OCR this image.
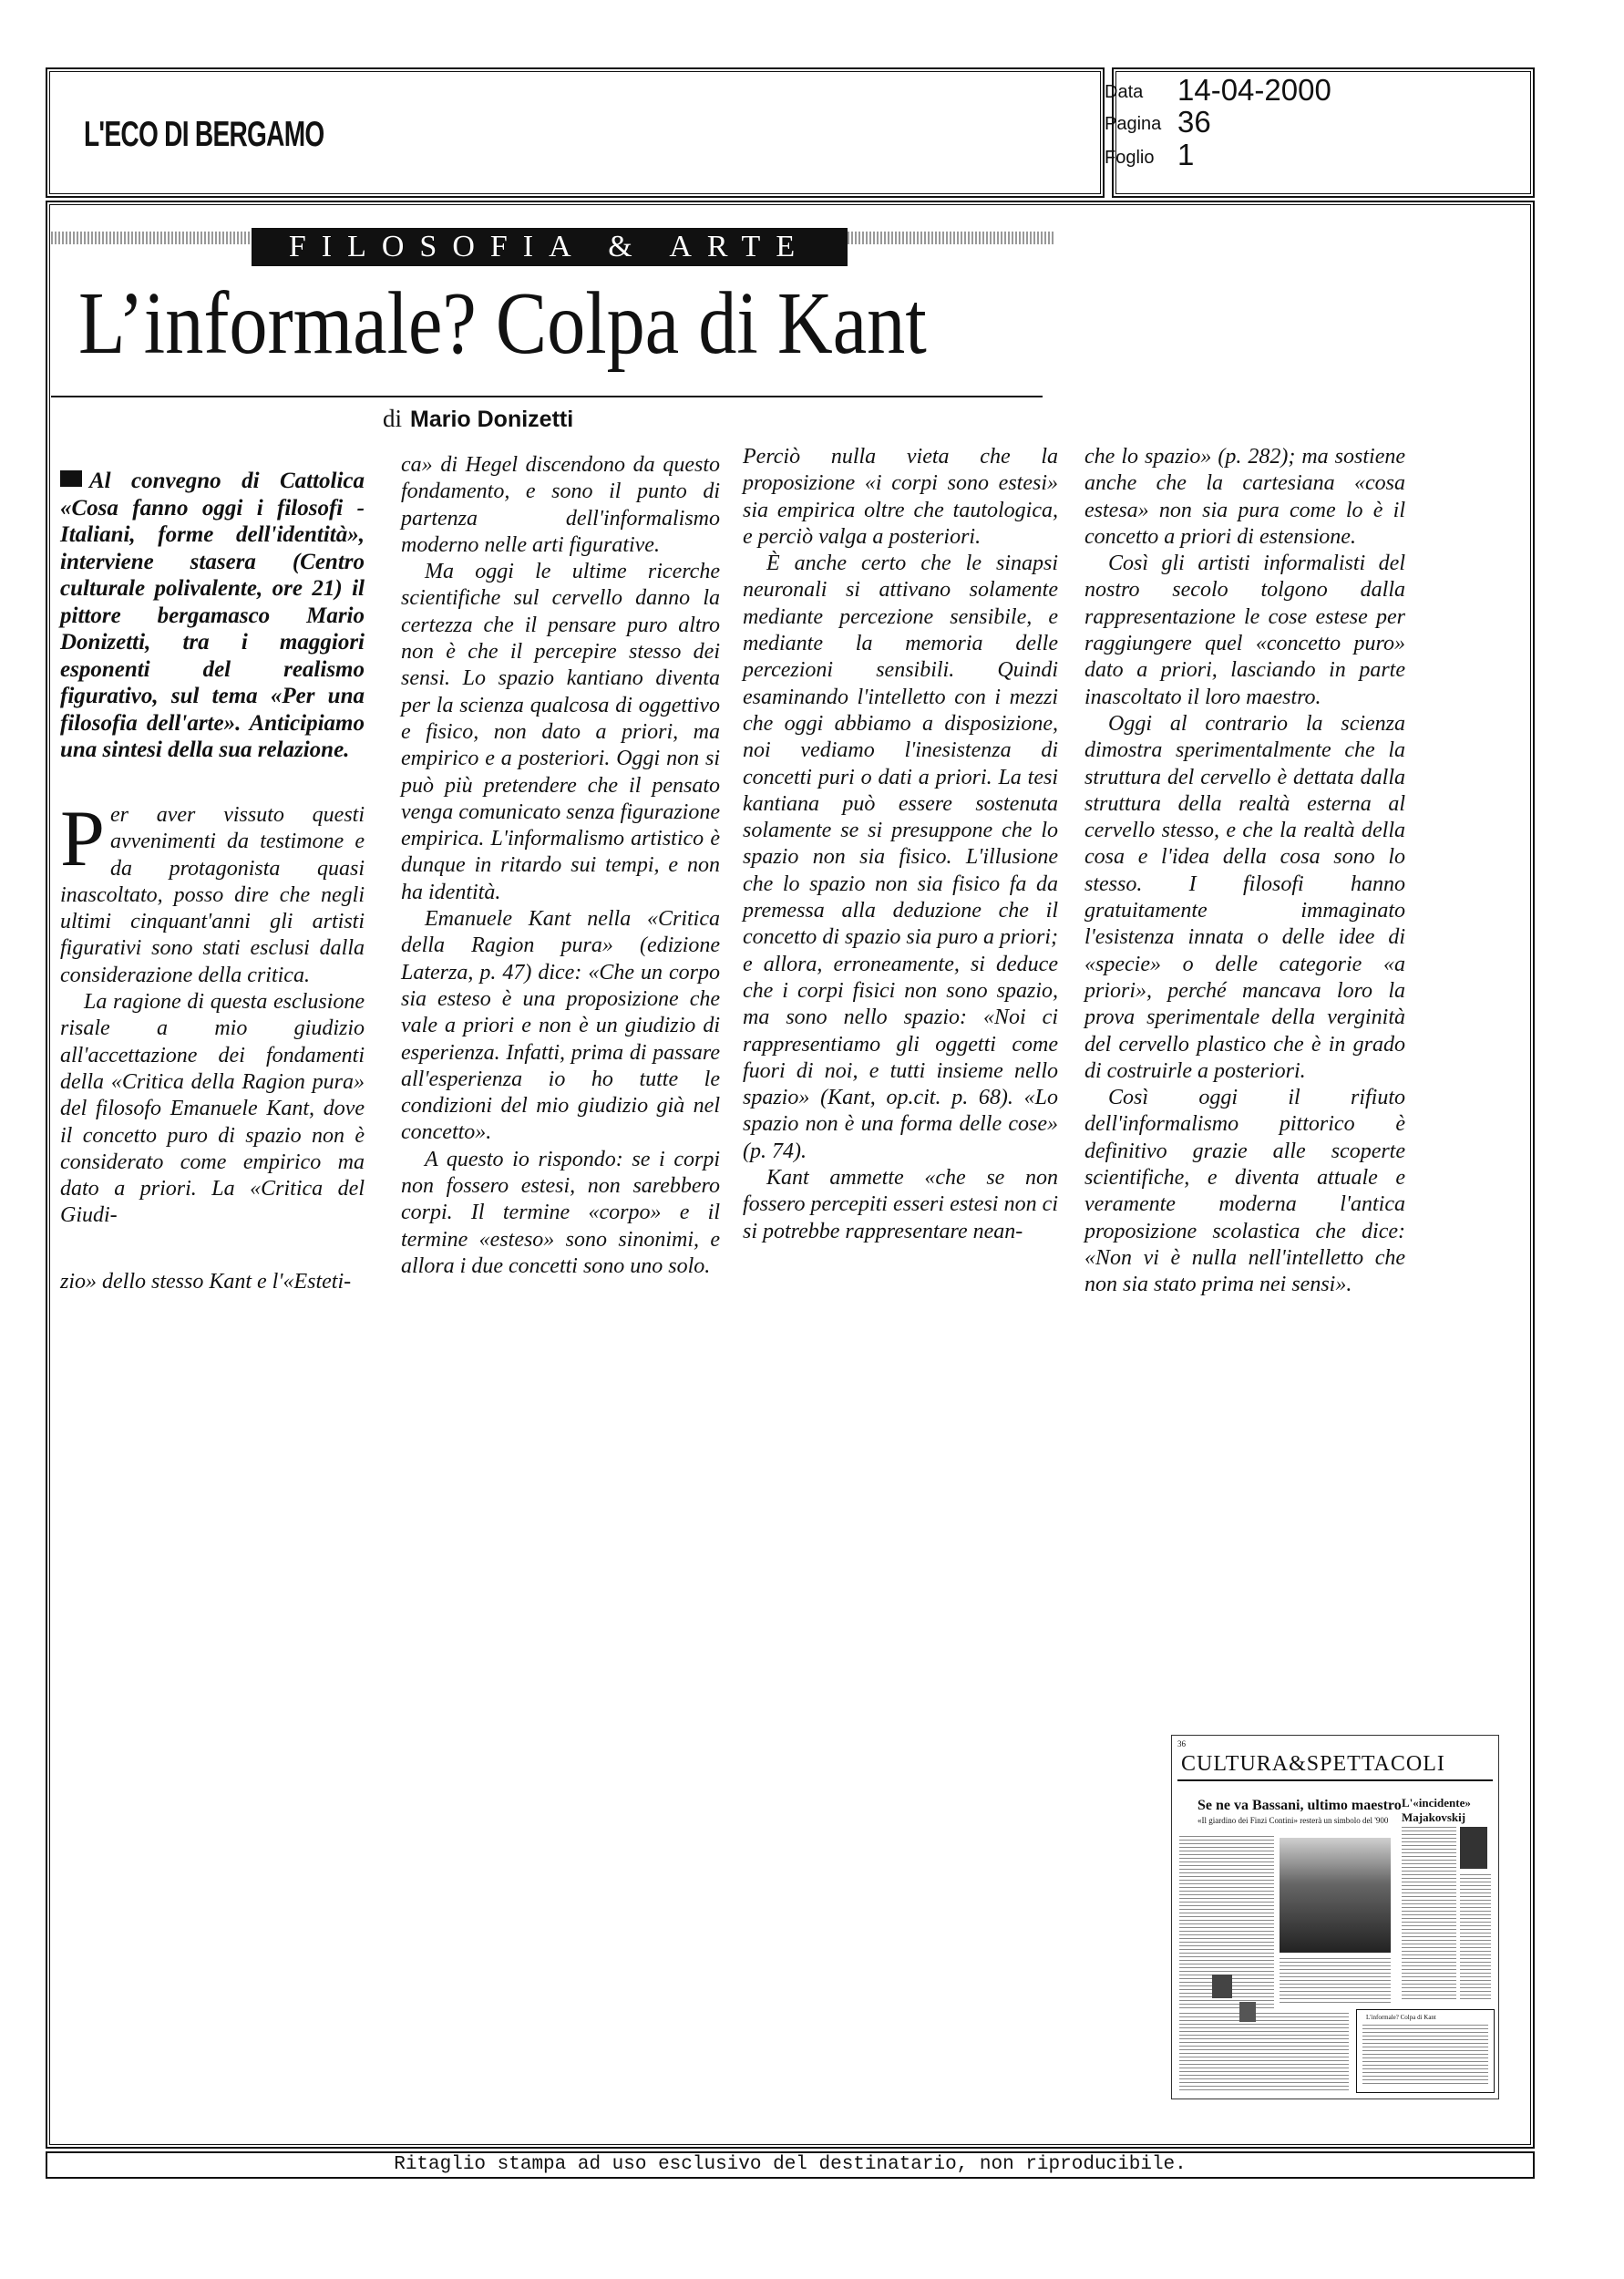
L'ECO DI BERGAMO
Data 14-04-2000
Pagina 36
Foglio 1
FILOSOFIA & ARTE
L’informale? Colpa di Kant
di Mario Donizetti
Al convegno di Cattolica «Cosa fanno oggi i filosofi - Italiani, forme dell'identità», interviene stasera (Centro culturale polivalente, ore 21) il pittore bergamasco Mario Donizetti, tra i maggiori esponenti del realismo figurativo, sul tema «Per una filosofia dell'arte». Anticipiamo una sintesi della sua relazione.
P er aver vissuto questi avvenimenti da testimone e da protagonista quasi inascoltato, posso dire che negli ultimi cinquant'anni gli artisti figurativi sono stati esclusi dalla considerazione della critica.

La ragione di questa esclusione risale a mio giudizio all'accettazione dei fondamenti della «Critica della Ragion pura» del filosofo Emanuele Kant, dove il concetto puro di spazio non è considerato come empirico ma dato a priori. La «Critica del Giudi-

zio» dello stesso Kant e l'«Esteti-

ca» di Hegel discendono da questo fondamento, e sono il punto di partenza dell'informalismo moderno nelle arti figurative.

Ma oggi le ultime ricerche scientifiche sul cervello danno la certezza che il pensare puro altro non è che il percepire stesso dei sensi. Lo spazio kantiano diventa per la scienza qualcosa di oggettivo e fisico, non dato a priori, ma empirico e a posteriori. Oggi non si può più pretendere che il pensato venga comunicato senza figurazione empirica. L'informalismo artistico è dunque in ritardo sui tempi, e non ha identità.

Emanuele Kant nella «Critica della Ragion pura» (edizione Laterza, p. 47) dice: «Che un corpo sia esteso è una proposizione che vale a priori e non è un giudizio di esperienza. Infatti, prima di passare all'esperienza io ho tutte le condizioni del mio giudizio già nel concetto».

A questo io rispondo: se i corpi non fossero estesi, non sarebbero corpi. Il termine «corpo» e il termine «esteso» sono sinonimi, e allora i due concetti sono uno solo.

Perciò nulla vieta che la proposizione «i corpi sono estesi» sia empirica oltre che tautologica, e perciò valga a posteriori.

È anche certo che le sinapsi neuronali si attivano solamente mediante percezione sensibile, e mediante la memoria delle percezioni sensibili. Quindi esaminando l'intelletto con i mezzi che oggi abbiamo a disposizione, noi vediamo l'inesistenza di concetti puri o dati a priori. La tesi kantiana può essere sostenuta solamente se si presuppone che lo spazio non sia fisico. L'illusione che lo spazio non sia fisico fa da premessa alla deduzione che il concetto di spazio sia puro a priori; e allora, erroneamente, si deduce che i corpi fisici non sono spazio, ma sono nello spazio: «Noi ci rappresentiamo gli oggetti come fuori di noi, e tutti insieme nello spazio» (Kant, op.cit. p. 68). «Lo spazio non è una forma delle cose» (p. 74).

Kant ammette «che se non fossero percepiti esseri estesi non ci si potrebbe rappresentare nean-

che lo spazio» (p. 282); ma sostiene anche che la cartesiana «cosa estesa» non sia pura come lo è il concetto a priori di estensione.

Così gli artisti informalisti del nostro secolo tolgono dalla rappresentazione le cose estese per raggiungere quel «concetto puro» dato a priori, lasciando in parte inascoltato il loro maestro.

Oggi al contrario la scienza dimostra sperimentalmente che la struttura del cervello è dettata dalla struttura della realtà esterna al cervello stesso, e che la realtà della cosa e l'idea della cosa sono lo stesso. I filosofi hanno gratuitamente immaginato l'esistenza innata o delle idee di «specie» o delle categorie «a priori», perché mancava loro la prova sperimentale della verginità del cervello plastico che è in grado di costruirle a posteriori.

Così oggi il rifiuto dell'informalismo pittorico è definitivo grazie alle scoperte scientifiche, e diventa attuale e veramente moderna l'antica proposizione scolastica che dice: «Non vi è nulla nell'intelletto che non sia stato prima nei sensi».

36
CULTURA&SPETTACOLI
Se ne va Bassani, ultimo maestro
«Il giardino dei Finzi Contini» resterà un simbolo del '900
L'«incidente» Majakovskij
L'informale? Colpa di Kant
Ritaglio stampa ad uso esclusivo del destinatario, non riproducibile.
